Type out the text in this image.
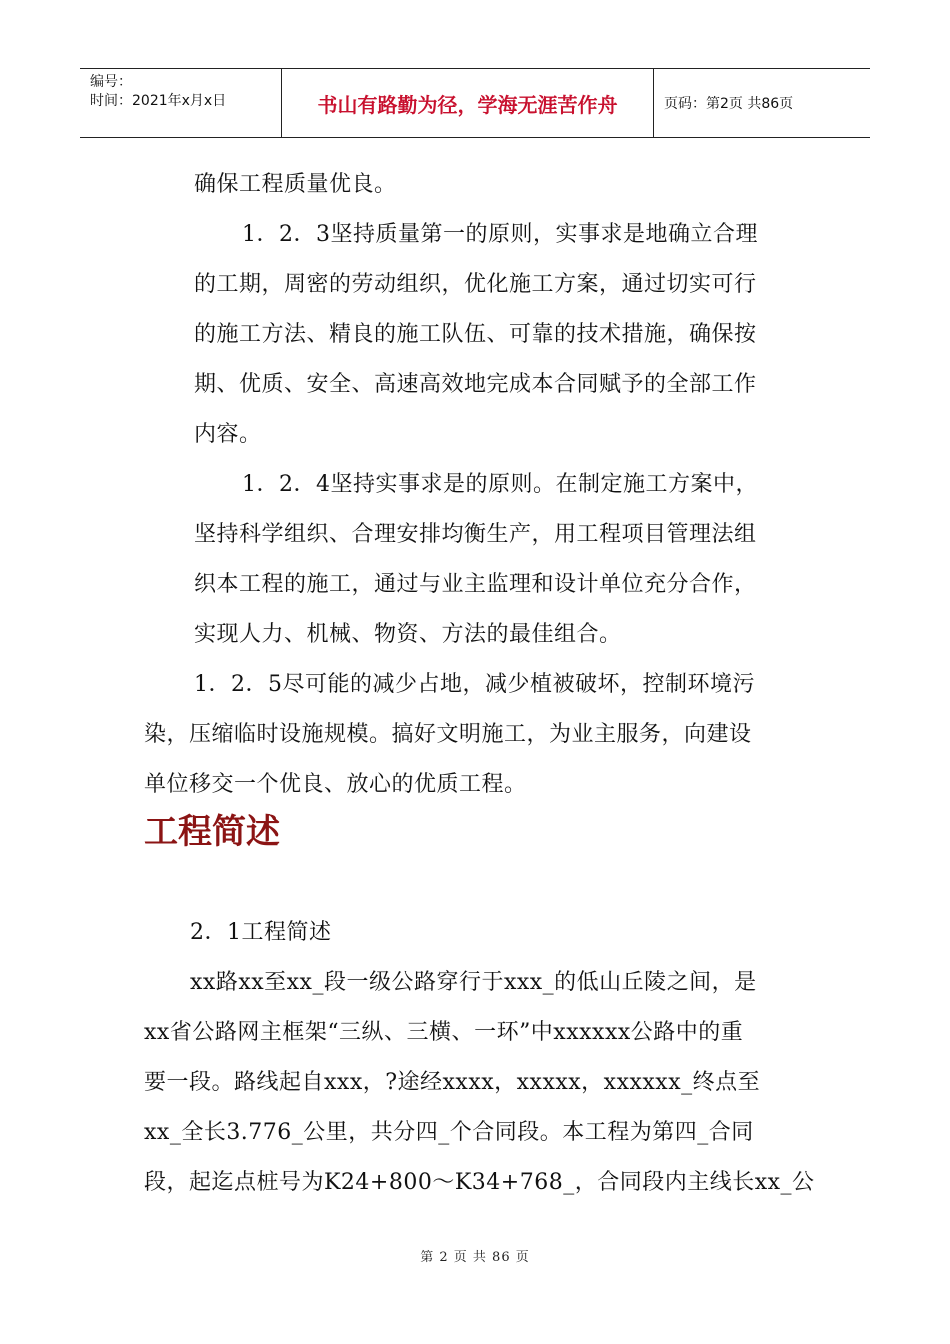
编号：
时间：2021年x月x日	书山有路勤为径，学海无涯苦作舟	页码：第2页 共86页
确保工程质量优良。
1．2．3坚持质量第一的原则，实事求是地确立合理
的工期，周密的劳动组织，优化施工方案，通过切实可行
的施工方法、精良的施工队伍、可靠的技术措施，确保按
期、优质、安全、高速高效地完成本合同赋予的全部工作
内容。
1．2．4坚持实事求是的原则。在制定施工方案中，
坚持科学组织、合理安排均衡生产，用工程项目管理法组
织本工程的施工，通过与业主监理和设计单位充分合作，
实现人力、机械、物资、方法的最佳组合。
1．2．5尽可能的减少占地，减少植被破坏，控制环境污
染，压缩临时设施规模。搞好文明施工，为业主服务，向建设
单位移交一个优良、放心的优质工程。
工程简述
2．1工程简述
xx路xx至xx_段一级公路穿行于xxx_的低山丘陵之间，是
xx省公路网主框架“三纵、三横、一环”中xxxxxx公路中的重
要一段。路线起自xxx，?途经xxxx，xxxxx，xxxxxx_终点至
xx_全长3.776_公里，共分四_个合同段。本工程为第四_合同
段，起迄点桩号为K24+800～K34+768_，合同段内主线长xx_公
第 2 页 共 86 页
